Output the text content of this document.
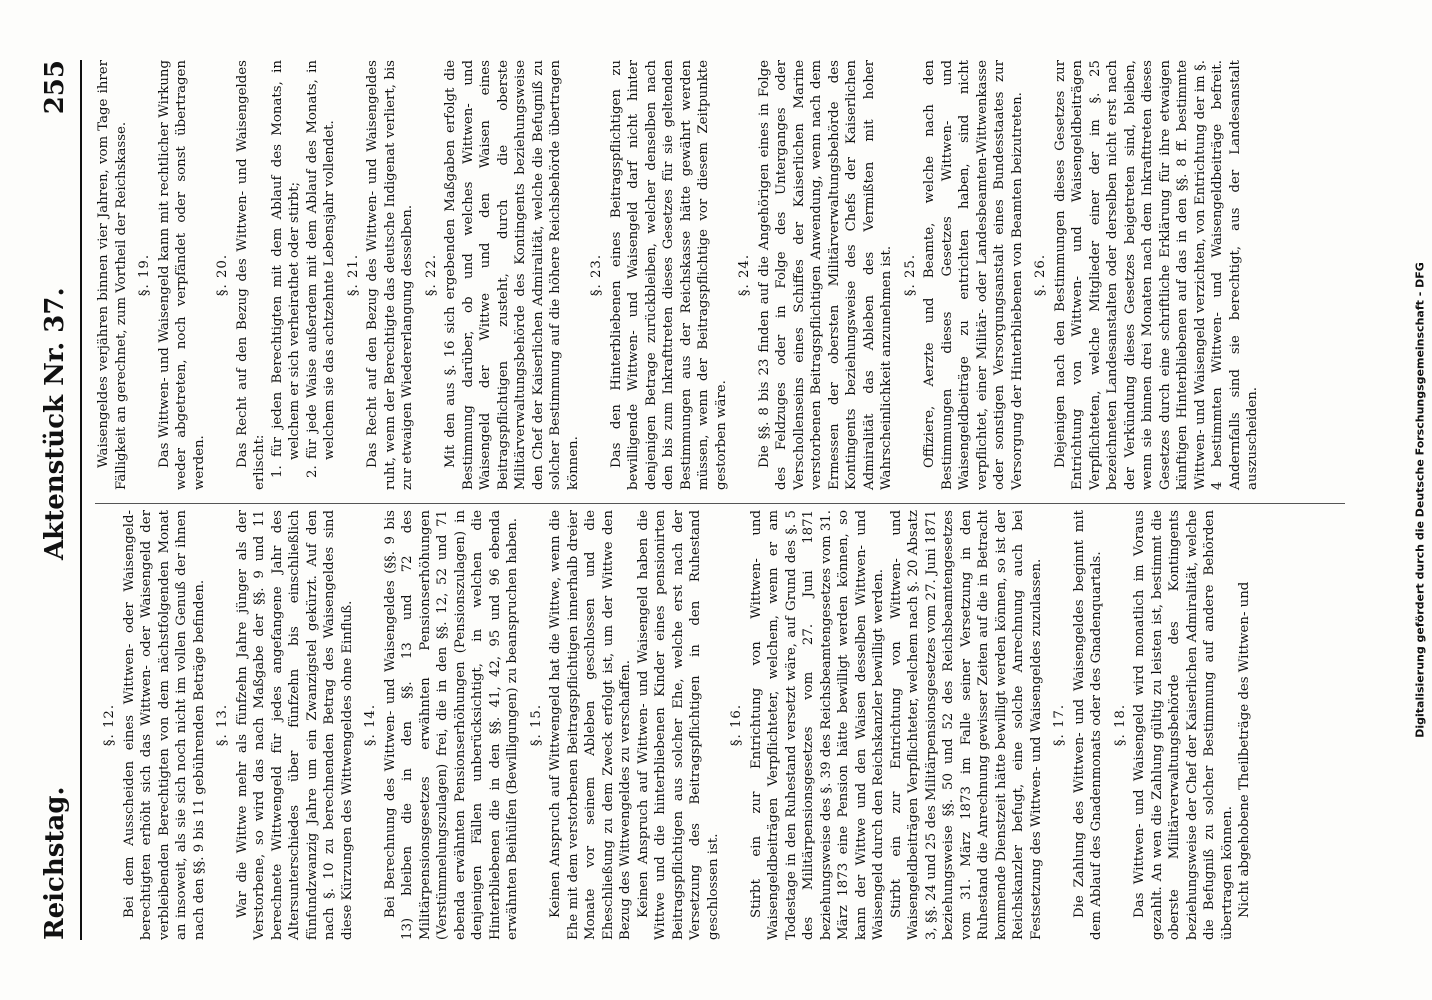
Reichstag.
Aktenstück Nr. 37.
255
§. 12. Bei dem Ausscheiden eines Wittwen- oder Waisengeld-berechtigten erhöht sich das Wittwen- oder Waisengeld der verbleibenden Berechtigten von dem nächstfolgenden Monat an insoweit, als sie sich noch nicht im vollen Genuß der ihnen nach den §§. 9 bis 11 gebührenden Beträge befinden. §. 13. War die Wittwe mehr als fünfzehn Jahre jünger als der Verstorbene, so wird das nach Maßgabe der §§. 9 und 11 berechnete Wittwengeld für jedes angefangene Jahr des Altersunterschiedes über fünfzehn bis einschließlich fünfundzwanzig Jahre um ein Zwanzigstel gekürzt. Auf den nach §. 10 zu berechnenden Betrag des Waisengeldes sind diese Kürzungen des Wittwengeldes ohne Einfluß. §. 14. Bei Berechnung des Wittwen- und Waisengeldes (§§. 9 bis 13) bleiben die in den §§. 13 und 72 des Militärpensionsgesetzes erwähnten Pensionserhöhungen (Verstümmelungszulagen) frei, die in den §§. 12, 52 und 71 ebenda erwähnten Pensionserhöhungen (Pensionszulagen) in denjenigen Fällen unberücksichtigt, in welchen die Hinterbliebenen die in den §§. 41, 42, 95 und 96 ebenda erwähnten Beihülfen (Bewilligungen) zu beanspruchen haben. §. 15. Keinen Anspruch auf Wittwengeld hat die Wittwe, wenn die Ehe mit dem verstorbenen Beitragspflichtigen innerhalb dreier Monate vor seinem Ableben geschlossen und die Eheschließung zu dem Zweck erfolgt ist, um der Wittwe den Bezug des Wittwengeldes zu verschaffen. Keinen Anspruch auf Wittwen- und Waisengeld haben die Wittwe und die hinterbliebenen Kinder eines pensionirten Beitragspflichtigen aus solcher Ehe, welche erst nach der Versetzung des Beitragspflichtigen in den Ruhestand geschlossen ist.

§. 16. Stirbt ein zur Entrichtung von Wittwen- und Waisengeldbeiträgen Verpflichteter, welchem, wenn er am Todestage in den Ruhestand versetzt wäre, auf Grund des §. 5 des Militärpensionsgesetzes vom 27. Juni 1871 beziehungsweise des §. 39 des Reichsbeamtengesetzes vom 31. März 1873 eine Pension hätte bewilligt werden können, so kann der Wittwe und den Waisen desselben Wittwen- und Waisengeld durch den Reichskanzler bewilligt werden. Stirbt ein zur Entrichtung von Wittwen- und Waisengeldbeiträgen Verpflichteter, welchem nach §. 20 Absatz 3, §§. 24 und 25 des Militärpensionsgesetzes vom 27. Juni 1871 beziehungsweise §§. 50 und 52 des Reichsbeamtengesetzes vom 31. März 1873 im Falle seiner Versetzung in den Ruhestand die Anrechnung gewisser Zeiten auf die in Betracht kommende Dienstzeit hätte bewilligt werden können, so ist der Reichskanzler befugt, eine solche Anrechnung auch bei Festsetzung des Wittwen- und Waisengeldes zuzulassen. §. 17. Die Zahlung des Wittwen- und Waisengeldes beginnt mit dem Ablauf des Gnadenmonats oder des Gnadenquartals. §. 18. Das Wittwen- und Waisengeld wird monatlich im Voraus gezahlt. An wen die Zahlung gültig zu leisten ist, bestimmt die oberste Militärverwaltungsbehörde des Kontingents beziehungsweise der Chef der Kaiserlichen Admiralität, welche die Befugniß zu solcher Bestimmung auf andere Behörden übertragen können. Nicht abgehobene Theilbeträge des Wittwen- und

Waisengeldes verjähren binnen vier Jahren, vom Tage ihrer Fälligkeit an gerechnet, zum Vortheil der Reichskasse. §. 19. Das Wittwen- und Waisengeld kann mit rechtlicher Wirkung weder abgetreten, noch verpfändet oder sonst übertragen werden.

§. 20. Das Recht auf den Bezug des Wittwen- und Waisengeldes erlischt: 1. für jeden Berechtigten mit dem Ablauf des Monats, in welchem er sich verheirathet oder stirbt; 2. für jede Waise außerdem mit dem Ablauf des Monats, in welchem sie das achtzehnte Lebensjahr vollendet. §. 21. Das Recht auf den Bezug des Wittwen- und Waisengeldes ruht, wenn der Berechtigte das deutsche Indigenat verliert, bis zur etwaigen Wiedererlangung desselben. §. 22. Mit den aus §. 16 sich ergebenden Maßgaben erfolgt die Bestimmung darüber, ob und welches Wittwen- und Waisengeld der Wittwe und den Waisen eines Beitragspflichtigen zusteht, durch die oberste Militärverwaltungsbehörde des Kontingents beziehungsweise den Chef der Kaiserlichen Admiralität, welche die Befugniß zu solcher Bestimmung auf die höhere Reichsbehörde übertragen können.

§. 23. Das den Hinterbliebenen eines Beitragspflichtigen zu bewilligende Wittwen- und Waisengeld darf nicht hinter denjenigen Betrage zurückbleiben, welcher denselben nach den bis zum Inkrafttreten dieses Gesetzes für sie geltenden Bestimmungen aus der Reichskasse hätte gewährt werden müssen, wenn der Beitragspflichtige vor diesem Zeitpunkte gestorben wäre.

§. 24. Die §§. 8 bis 23 finden auf die Angehörigen eines in Folge des Feldzuges oder in Folge des Unterganges oder Verschollenseins eines Schiffes der Kaiserlichen Marine verstorbenen Beitragspflichtigen Anwendung, wenn nach dem Ermessen der obersten Militärverwaltungsbehörde des Kontingents beziehungsweise des Chefs der Kaiserlichen Admiralität das Ableben des Vermißten mit hoher Wahrscheinlichkeit anzunehmen ist. §. 25. Offiziere, Aerzte und Beamte, welche nach den Bestimmungen dieses Gesetzes Wittwen- und Waisengeldbeiträge zu entrichten haben, sind nicht verpflichtet, einer Militär- oder Landesbeamten-Wittwenkasse oder sonstigen Versorgungsanstalt eines Bundesstaates zur Versorgung der Hinterbliebenen von Beamten beizutreten. §. 26. Diejenigen nach den Bestimmungen dieses Gesetzes zur Entrichtung von Wittwen- und Waisengeldbeiträgen Verpflichteten, welche Mitglieder einer der im §. 25 bezeichneten Landesanstalten oder derselben nicht erst nach der Verkündung dieses Gesetzes beigetreten sind, bleiben, wenn sie binnen drei Monaten nach dem Inkrafttreten dieses Gesetzes durch eine schriftliche Erklärung für ihre etwaigen künftigen Hinterbliebenen auf das in den §§. 8 ff. bestimmte Wittwen- und Waisengeld verzichten, von Entrichtung der im §. 4 bestimmten Wittwen- und Waisengeldbeiträge befreit. Andernfalls sind sie berechtigt, aus der Landesanstalt auszuscheiden.	Digitalisierung gefördert durch die Deutsche Forschungsgemeinschaft - DFG
